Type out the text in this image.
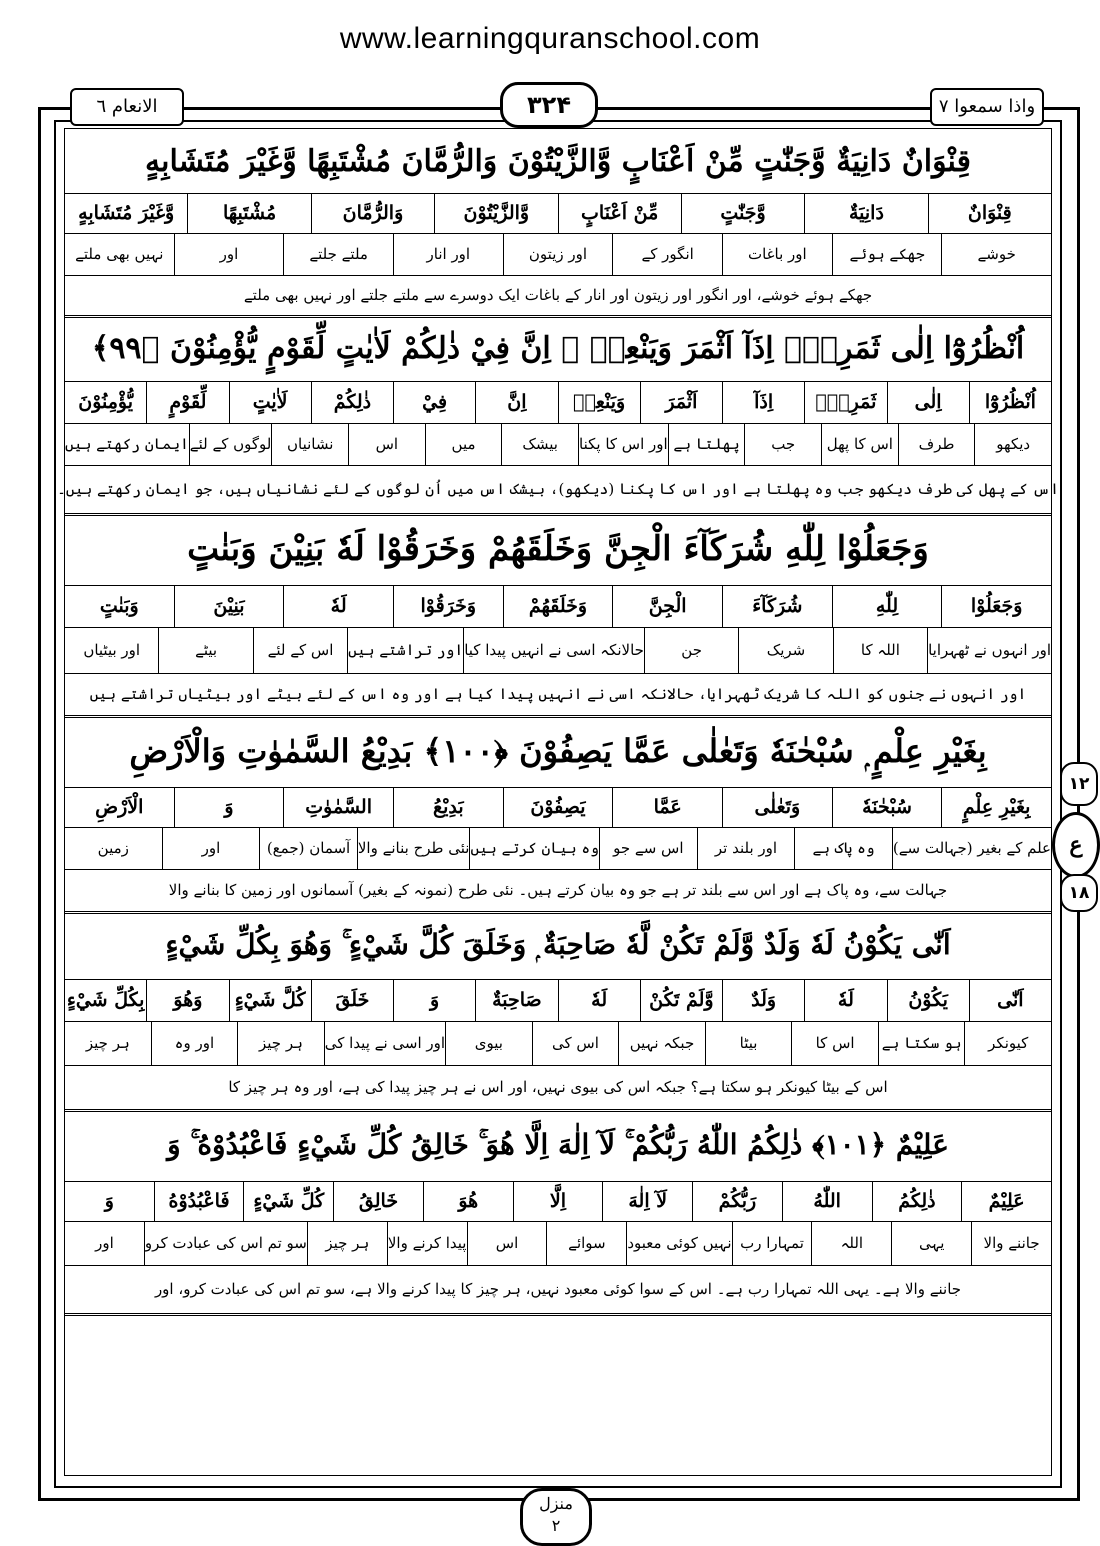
www.learningquranschool.com
واذا سمعوا ٧
۳۲۴
الانعام ٦
قِنْوَانٌ دَانِيَةٌ وَّجَنّٰتٍ مِّنْ اَعْنَابٍ وَّالزَّيْتُوْنَ وَالرُّمَّانَ مُشْتَبِهًا وَّغَيْرَ مُتَشَابِهٍ
قِنْوَانٌ
دَانِيَةٌ
وَّجَنّٰتٍ
مِّنْ اَعْنَابٍ
وَّالزَّيْتُوْنَ
وَالرُّمَّانَ
مُشْتَبِهًا
وَّغَيْرَ مُتَشَابِهٍ
خوشے
جھکے ہوئے
اور باغات
انگور کے
اور زیتون
اور انار
ملتے جلتے
اور
نہیں بھی ملتے
جھکے ہوئے خوشے، اور انگور اور زیتون اور انار کے باغات ایک دوسرے سے ملتے جلتے اور نہیں بھی ملتے
اُنْظُرُوْٓا اِلٰى ثَمَرِهٖٓ اِذَآ اَثْمَرَ وَيَنْعِهٖ ۭ اِنَّ فِيْ ذٰلِكُمْ لَاٰيٰتٍ لِّقَوْمٍ يُّؤْمِنُوْنَ ﴿۹۹﴾
اُنْظُرُوْٓا
اِلٰى
ثَمَرِهٖٓ
اِذَآ
اَثْمَرَ
وَيَنْعِهٖ
اِنَّ
فِيْ
ذٰلِكُمْ
لَاٰيٰتٍ
لِّقَوْمٍ
يُّؤْمِنُوْنَ
دیکھو
طرف
اس کا پھل
جب
پھلتا ہے
اور اس کا پکنا
بیشک
میں
اس
نشانیاں
لوگوں کے لئے
ایمان رکھتے ہیں
اس کے پھل کی طرف دیکھو جب وہ پھلتا ہے اور اس کا پکنا (دیکھو)، بیشک اس میں اُن لوگوں کے لئے نشانیاں ہیں، جو ایمان رکھتے ہیں۔
وَجَعَلُوْا لِلّٰهِ شُرَكَآءَ الْجِنَّ وَخَلَقَهُمْ وَخَرَقُوْا لَهٗ بَنِيْنَ وَبَنٰتٍ
وَجَعَلُوْا
لِلّٰهِ
شُرَكَآءَ
الْجِنَّ
وَخَلَقَهُمْ
وَخَرَقُوْا
لَهٗ
بَنِيْنَ
وَبَنٰتٍ
اور انہوں نے ٹھہرایا
اللہ کا
شریک
جن
حالانکہ اسی نے انہیں پیدا کیا
اور تراشتے ہیں
اس کے لئے
بیٹے
اور بیٹیاں
اور انہوں نے جنوں کو اللہ کا شریک ٹھہرایا، حالانکہ اسی نے انہیں پیدا کیا ہے اور وہ اس کے لئے بیٹے اور بیٹیاں تراشتے ہیں
بِغَيْرِ عِلْمٍ ۭ سُبْحٰنَهٗ وَتَعٰلٰى عَمَّا يَصِفُوْنَ ﴿۱۰۰﴾ بَدِيْعُ السَّمٰوٰتِ وَالْاَرْضِ
بِغَيْرِ عِلْمٍ
سُبْحٰنَهٗ
وَتَعٰلٰى
عَمَّا
يَصِفُوْنَ
بَدِيْعُ
السَّمٰوٰتِ
وَ
الْاَرْضِ
علم کے بغیر (جہالت سے)
وہ پاک ہے
اور بلند تر
اس سے جو
وہ بیان کرتے ہیں
نئی طرح بنانے والا
آسمان (جمع)
اور
زمین
جہالت سے، وہ پاک ہے اور اس سے بلند تر ہے جو وہ بیان کرتے ہیں۔ نئی طرح (نمونہ کے بغیر) آسمانوں اور زمین کا بنانے والا
اَنّٰى يَكُوْنُ لَهٗ وَلَدٌ وَّلَمْ تَكُنْ لَّهٗ صَاحِبَةٌ ۭ وَخَلَقَ كُلَّ شَيْءٍ ۚ وَهُوَ بِكُلِّ شَيْءٍ
اَنّٰى
يَكُوْنُ
لَهٗ
وَلَدٌ
وَّلَمْ تَكُنْ
لَهٗ
صَاحِبَةٌ
وَ
خَلَقَ
كُلَّ شَيْءٍ
وَهُوَ
بِكُلِّ شَيْءٍ
کیونکر
ہو سکتا ہے
اس کا
بیٹا
جبکہ نہیں
اس کی
بیوی
اور اسی نے پیدا کی
ہر چیز
اور وہ
ہر چیز
اس کے بیٹا کیونکر ہو سکتا ہے؟ جبکہ اس کی بیوی نہیں، اور اس نے ہر چیز پیدا کی ہے، اور وہ ہر چیز کا
عَلِيْمٌ ﴿۱۰۱﴾ ذٰلِكُمُ اللّٰهُ رَبُّكُمْ ۚ لَآ اِلٰهَ اِلَّا هُوَ ۚ خَالِقُ كُلِّ شَيْءٍ فَاعْبُدُوْهُ ۚ وَ
عَلِيْمٌ
ذٰلِكُمُ
اللّٰهُ
رَبُّكُمْ
لَآ اِلٰهَ
اِلَّا
هُوَ
خَالِقُ
كُلِّ شَيْءٍ
فَاعْبُدُوْهُ
وَ
جاننے والا
یہی
اللہ
تمہارا رب
نہیں کوئی معبود
سوائے
اس
پیدا کرنے والا
ہر چیز
سو تم اس کی عبادت کرو
اور
جاننے والا ہے۔ یہی اللہ تمہارا رب ہے۔ اس کے سوا کوئی معبود نہیں، ہر چیز کا پیدا کرنے والا ہے، سو تم اس کی عبادت کرو، اور
۱۲
ع
۱۸
منزل
۲
